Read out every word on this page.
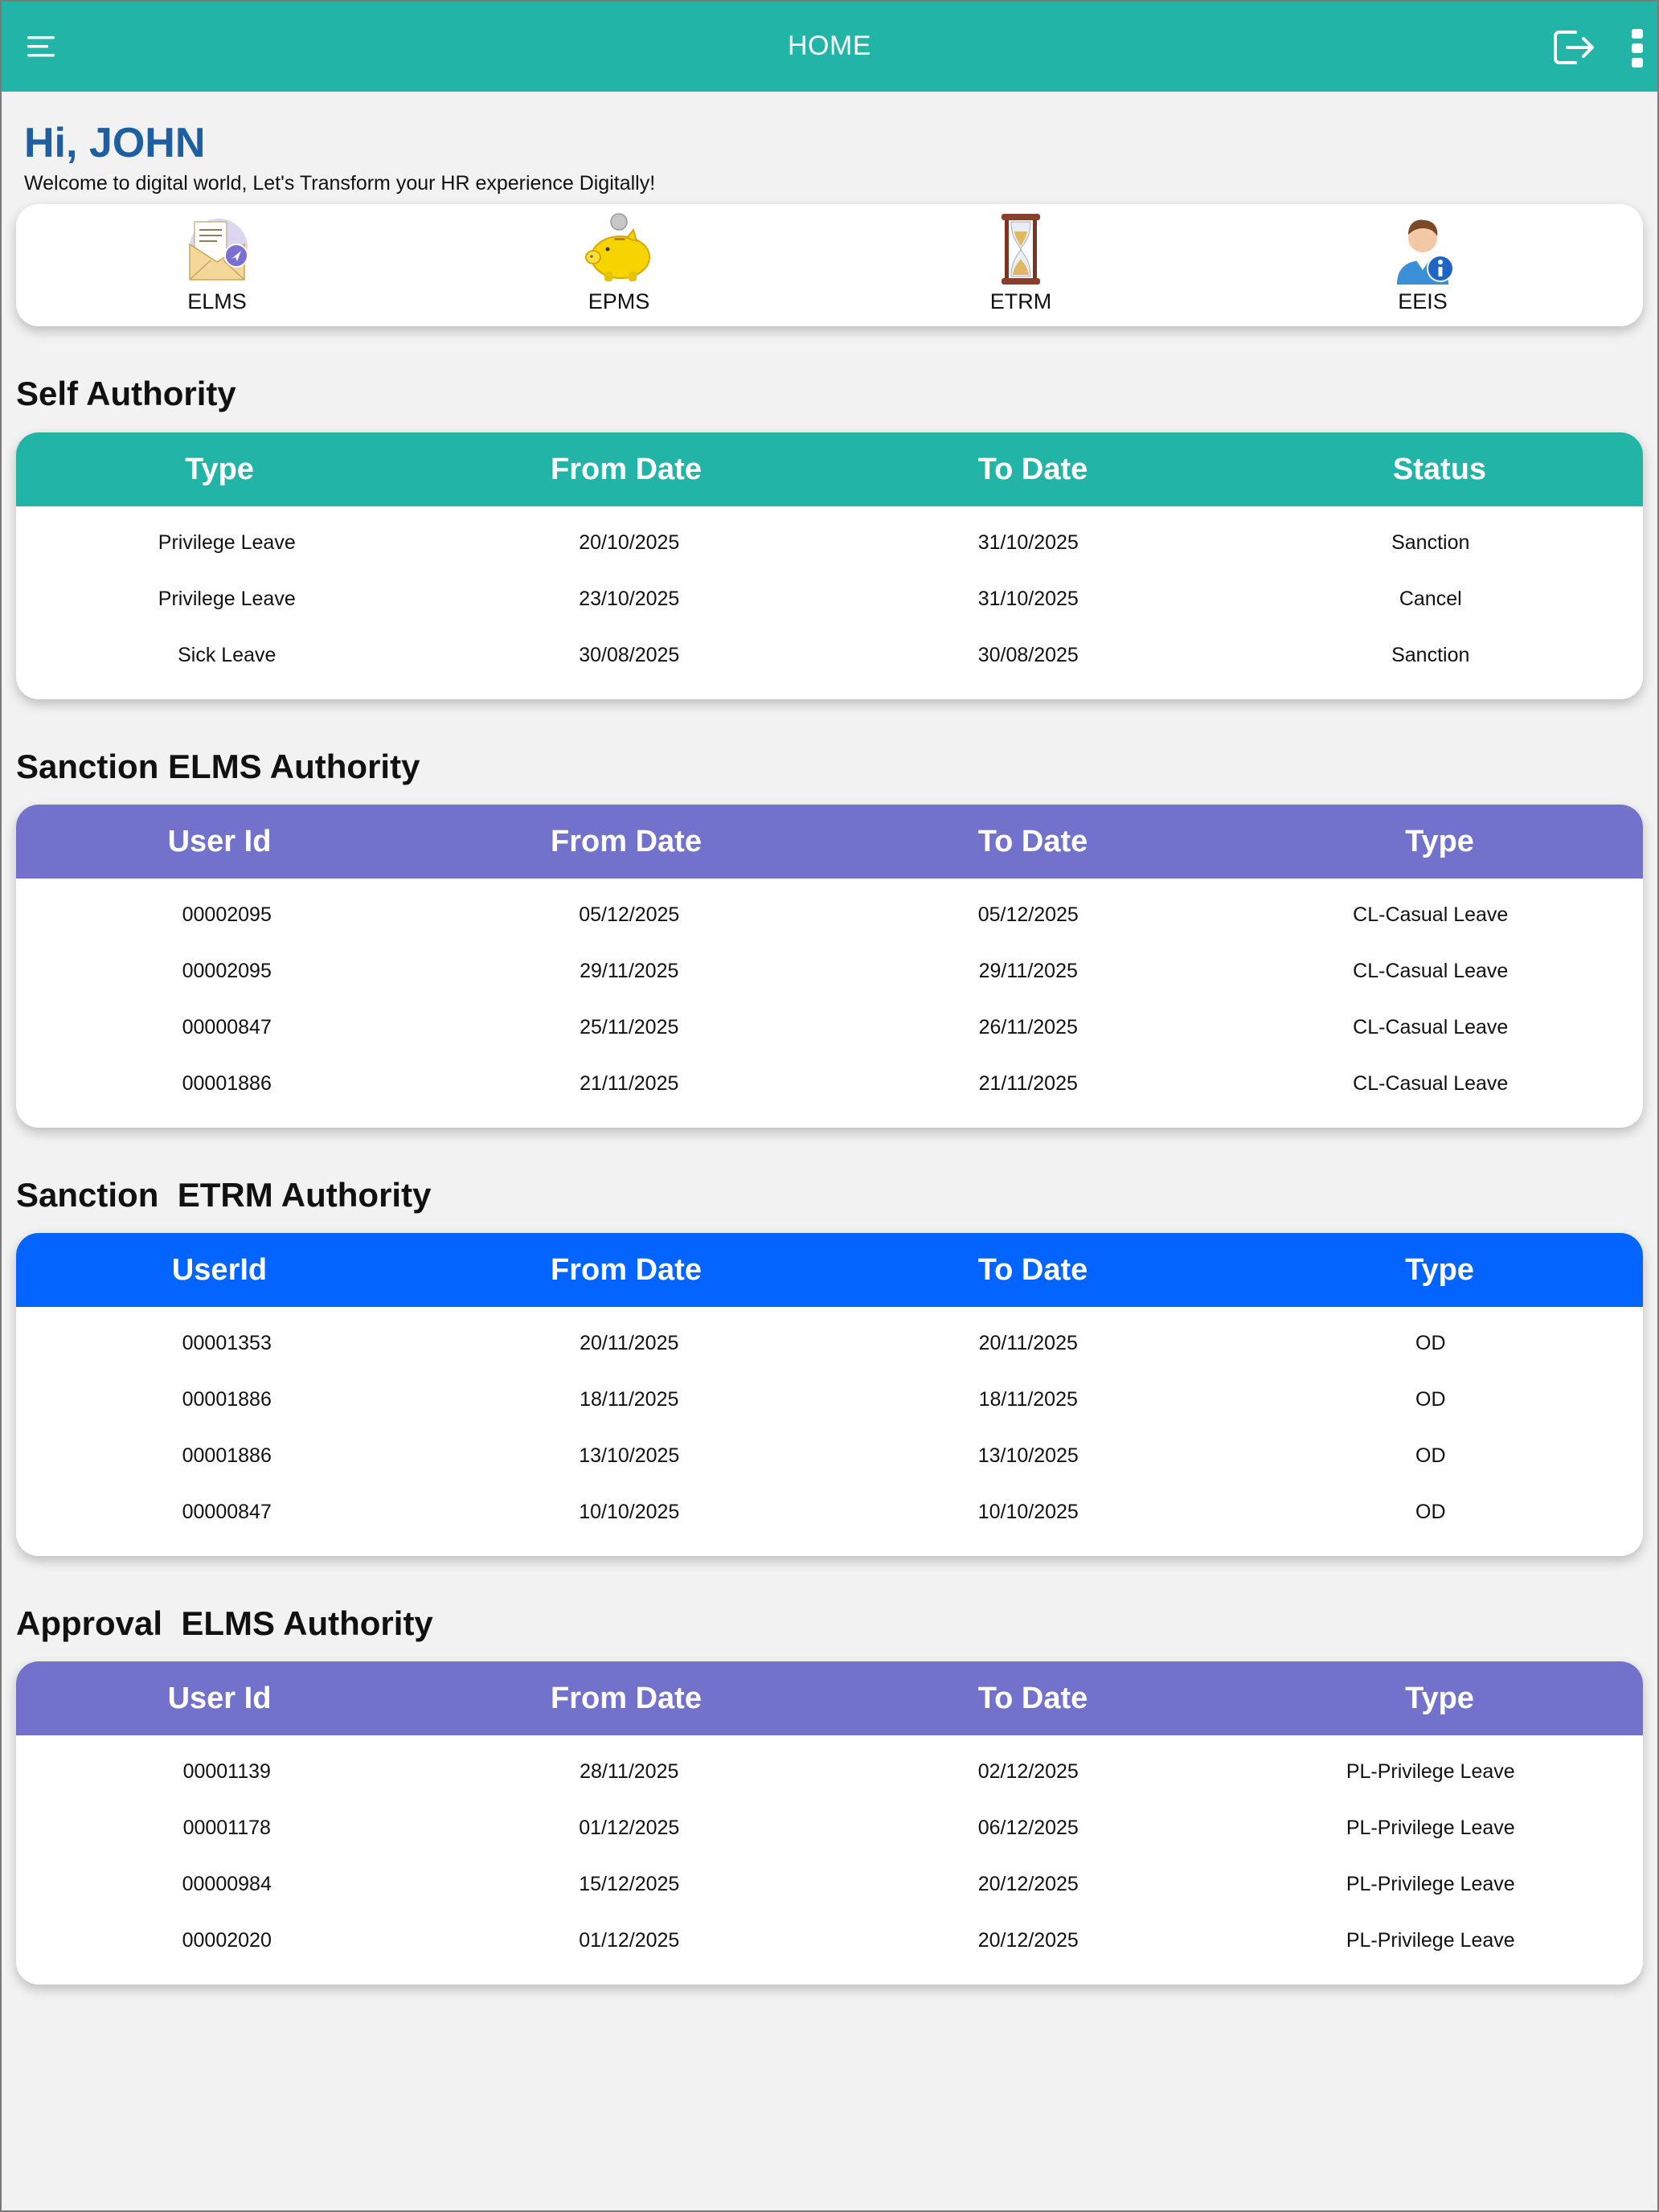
HOME
Hi, JOHN
Welcome to digital world, Let's Transform your HR experience Digitally!
ELMS	EPMS	ETRM	EEIS
Self Authority
Type	From Date	To Date	Status
Privilege Leave	20/10/2025	31/10/2025	Sanction
Privilege Leave	23/10/2025	31/10/2025	Cancel
Sick Leave	30/08/2025	30/08/2025	Sanction
Sanction ELMS Authority
User Id	From Date	To Date	Type
00002095	05/12/2025	05/12/2025	CL-Casual Leave
00002095	29/11/2025	29/11/2025	CL-Casual Leave
00000847	25/11/2025	26/11/2025	CL-Casual Leave
00001886	21/11/2025	21/11/2025	CL-Casual Leave
Sanction  ETRM Authority
UserId	From Date	To Date	Type
00001353	20/11/2025	20/11/2025	OD
00001886	18/11/2025	18/11/2025	OD
00001886	13/10/2025	13/10/2025	OD
00000847	10/10/2025	10/10/2025	OD
Approval  ELMS Authority
User Id	From Date	To Date	Type
00001139	28/11/2025	02/12/2025	PL-Privilege Leave
00001178	01/12/2025	06/12/2025	PL-Privilege Leave
00000984	15/12/2025	20/12/2025	PL-Privilege Leave
00002020	01/12/2025	20/12/2025	PL-Privilege Leave
